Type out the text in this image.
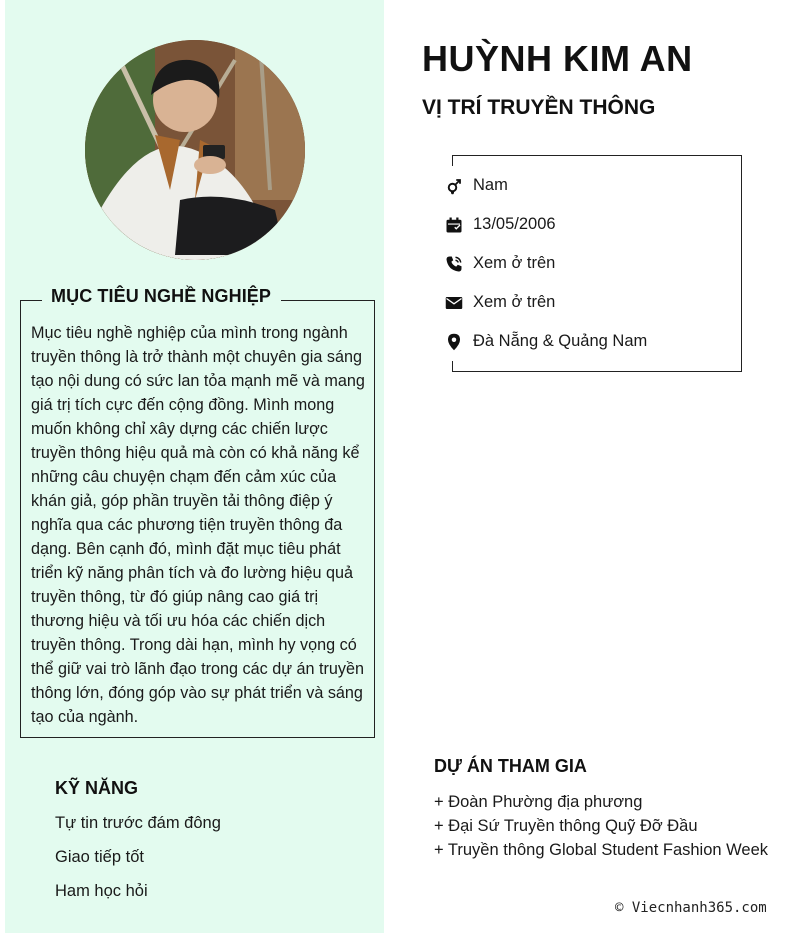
MỤC TIÊU NGHỀ NGHIỆP
Mục tiêu nghề nghiệp của mình trong ngành truyền thông là trở thành một chuyên gia sáng tạo nội dung có sức lan tỏa mạnh mẽ và mang giá trị tích cực đến cộng đồng. Mình mong muốn không chỉ xây dựng các chiến lược truyền thông hiệu quả mà còn có khả năng kể những câu chuyện chạm đến cảm xúc của khán giả, góp phần truyền tải thông điệp ý nghĩa qua các phương tiện truyền thông đa dạng. Bên cạnh đó, mình đặt mục tiêu phát triển kỹ năng phân tích và đo lường hiệu quả truyền thông, từ đó giúp nâng cao giá trị thương hiệu và tối ưu hóa các chiến dịch truyền thông. Trong dài hạn, mình hy vọng có thể giữ vai trò lãnh đạo trong các dự án truyền thông lớn, đóng góp vào sự phát triển và sáng tạo của ngành.
KỸ NĂNG
Tự tin trước đám đông
Giao tiếp tốt
Ham học hỏi
HUỲNH KIM AN
VỊ TRÍ TRUYỀN THÔNG
Nam
13/05/2006
Xem ở trên
Xem ở trên
Đà Nẵng & Quảng Nam
DỰ ÁN THAM GIA
+ Đoàn Phường địa phương
+ Đại Sứ Truyền thông Quỹ Đỡ Đầu
+ Truyền thông Global Student Fashion Week
© Viecnhanh365.com
